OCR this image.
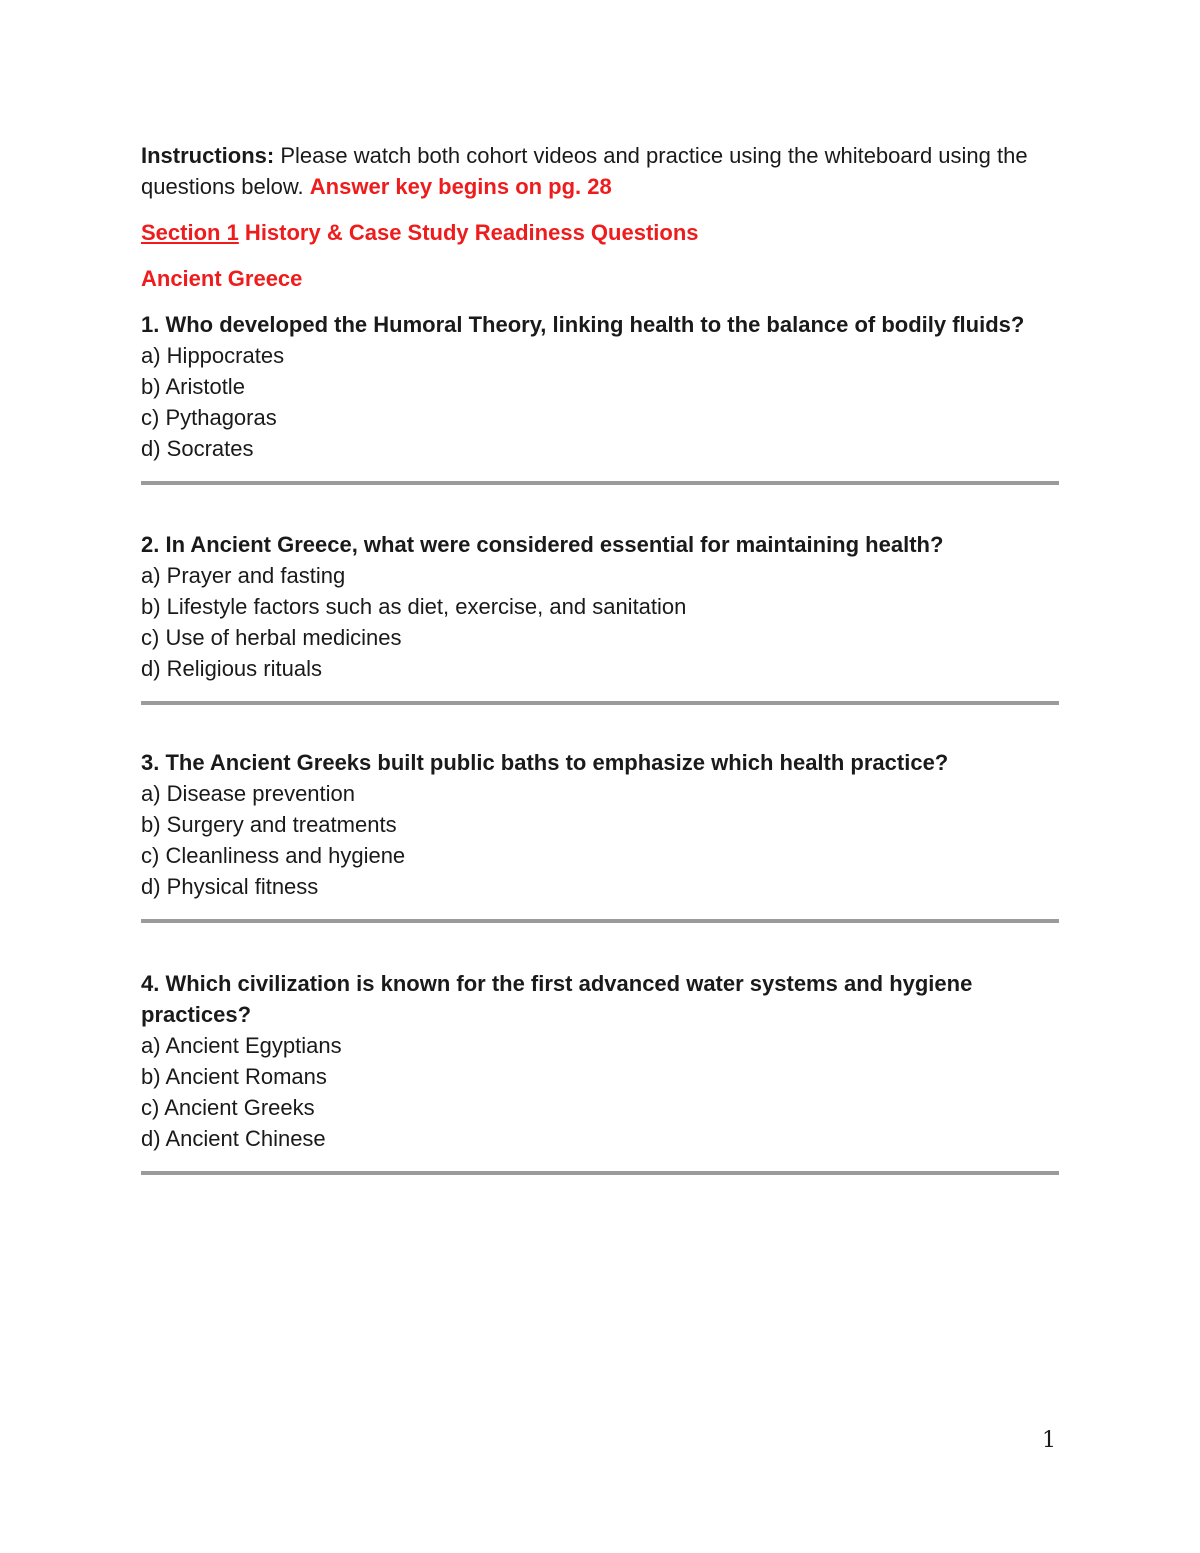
Instructions: Please watch both cohort videos and practice using the whiteboard using the questions below. Answer key begins on pg. 28

Section 1 History & Case Study Readiness Questions

Ancient Greece

1. Who developed the Humoral Theory, linking health to the balance of bodily fluids?

a) Hippocrates
b) Aristotle
c) Pythagoras
d) Socrates

2. In Ancient Greece, what were considered essential for maintaining health?

a) Prayer and fasting
b) Lifestyle factors such as diet, exercise, and sanitation
c) Use of herbal medicines
d) Religious rituals

3. The Ancient Greeks built public baths to emphasize which health practice?

a) Disease prevention
b) Surgery and treatments
c) Cleanliness and hygiene
d) Physical fitness

4. Which civilization is known for the first advanced water systems and hygiene practices?

a) Ancient Egyptians
b) Ancient Romans
c) Ancient Greeks
d) Ancient Chinese
1
